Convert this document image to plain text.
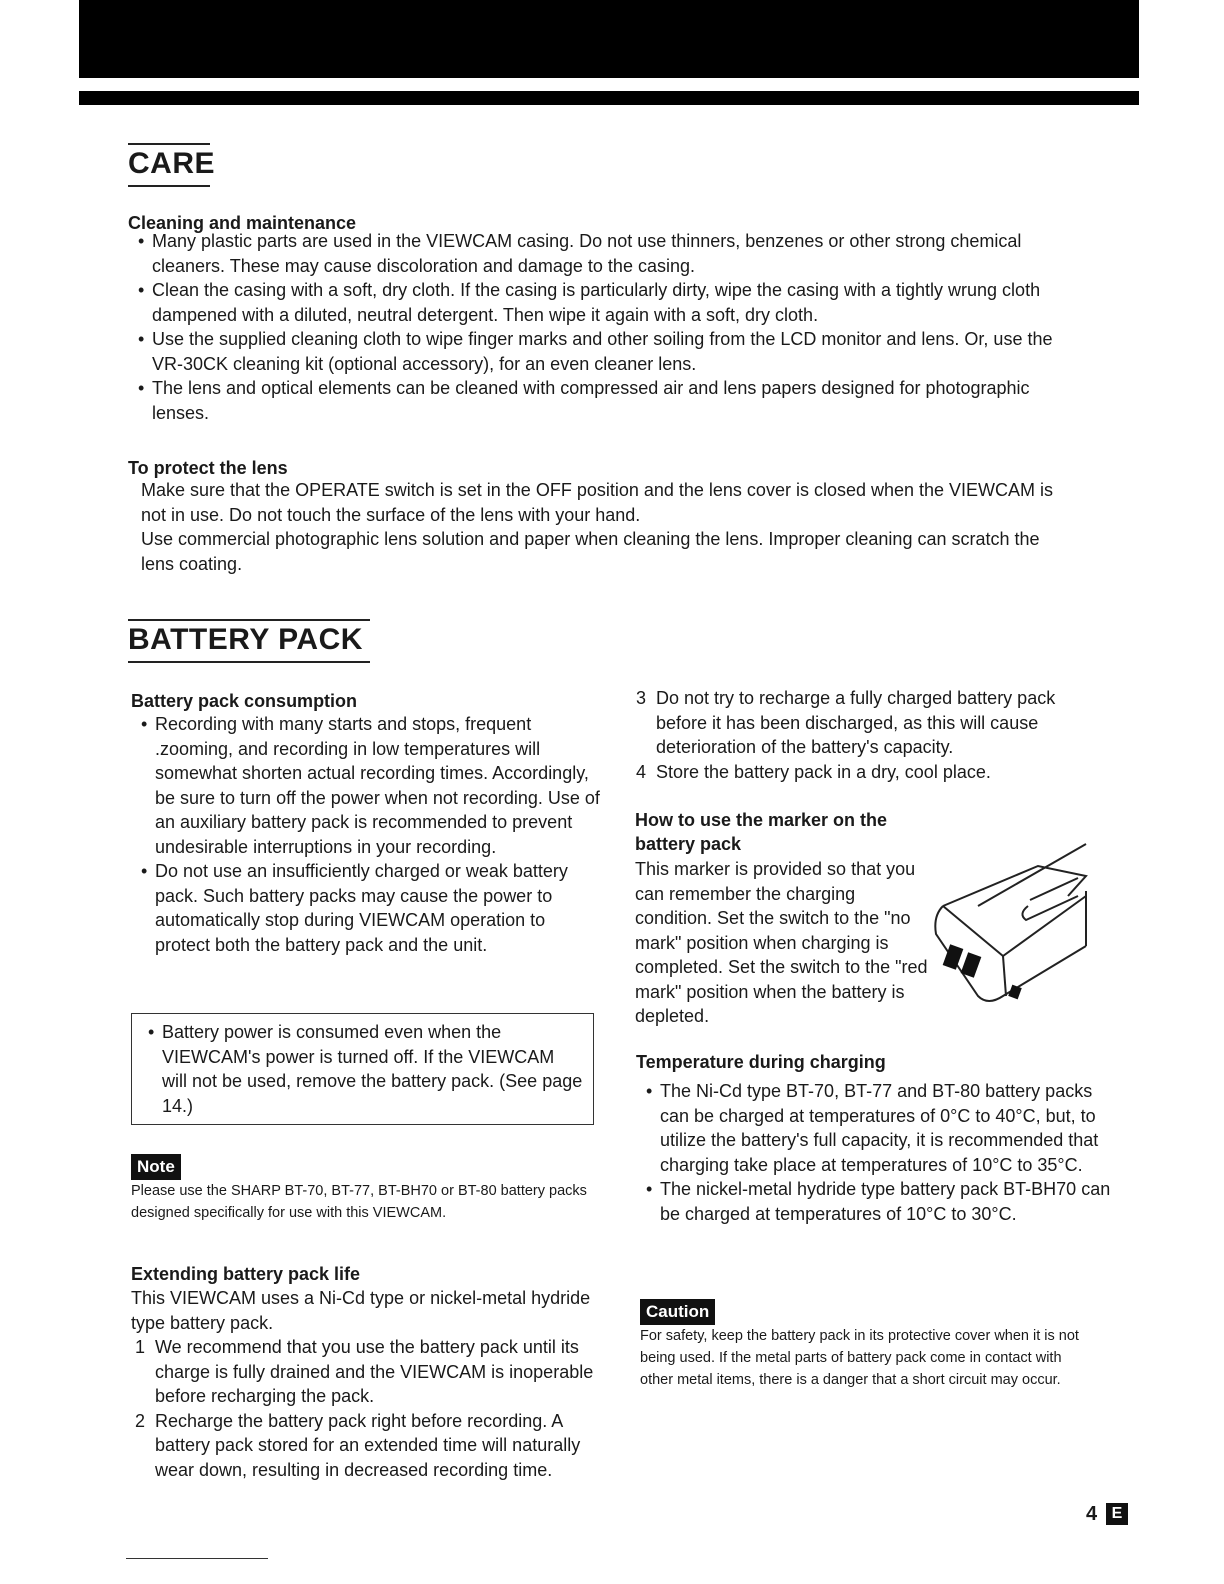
CARE
Cleaning and maintenance
• Many plastic parts are used in the VIEWCAM casing. Do not use thinners, benzenes or other strong chemical cleaners. These may cause discoloration and damage to the casing.
• Clean the casing with a soft, dry cloth. If the casing is particularly dirty, wipe the casing with a tightly wrung cloth dampened with a diluted, neutral detergent. Then wipe it again with a soft, dry cloth.
• Use the supplied cleaning cloth to wipe finger marks and other soiling from the LCD monitor and lens. Or, use the VR-30CK cleaning kit (optional accessory), for an even cleaner lens.
• The lens and optical elements can be cleaned with compressed air and lens papers designed for photographic lenses.
To protect the lens

Make sure that the OPERATE switch is set in the OFF position and the lens cover is closed when the VIEWCAM is not in use. Do not touch the surface of the lens with your hand.

Use commercial photographic lens solution and paper when cleaning the lens. Improper cleaning can scratch the lens coating.

BATTERY PACK
Battery pack consumption
• Recording with many starts and stops, frequent .zooming, and recording in low temperatures will somewhat shorten actual recording times. Accordingly, be sure to turn off the power when not recording. Use of an auxiliary battery pack is recommended to prevent undesirable interruptions in your recording.
• Do not use an insufficiently charged or weak battery pack. Such battery packs may cause the power to automatically stop during VIEWCAM operation to protect both the battery pack and the unit.
• Battery power is consumed even when the VIEWCAM's power is turned off. If the VIEWCAM will not be used, remove the battery pack. (See page 14.)
Note
Please use the SHARP BT-70, BT-77, BT-BH70 or BT-80 battery packs designed specifically for use with this VIEWCAM.
Extending battery pack life
This VIEWCAM uses a Ni-Cd type or nickel-metal hydride type battery pack.
1 We recommend that you use the battery pack until its charge is fully drained and the VIEWCAM is inoperable before recharging the pack.
2 Recharge the battery pack right before recording. A battery pack stored for an extended time will naturally wear down, resulting in decreased recording time.
3 Do not try to recharge a fully charged battery pack before it has been discharged, as this will cause deterioration of the battery's capacity.
4 Store the battery pack in a dry, cool place.
How to use the marker on the battery pack
This marker is provided so that you can remember the charging condition. Set the switch to the "no mark" position when charging is completed. Set the switch to the "red mark" position when the battery is depleted.
Temperature during charging
• The Ni-Cd type BT-70, BT-77 and BT-80 battery packs can be charged at temperatures of 0°C to 40°C, but, to utilize the battery's full capacity, it is recommended that charging take place at temperatures of 10°C to 35°C.
• The nickel-metal hydride type battery pack BT-BH70 can be charged at temperatures of 10°C to 30°C.
Caution
For safety, keep the battery pack in its protective cover when it is not being used. If the metal parts of battery pack come in contact with other metal items, there is a danger that a short circuit may occur.
4 E
